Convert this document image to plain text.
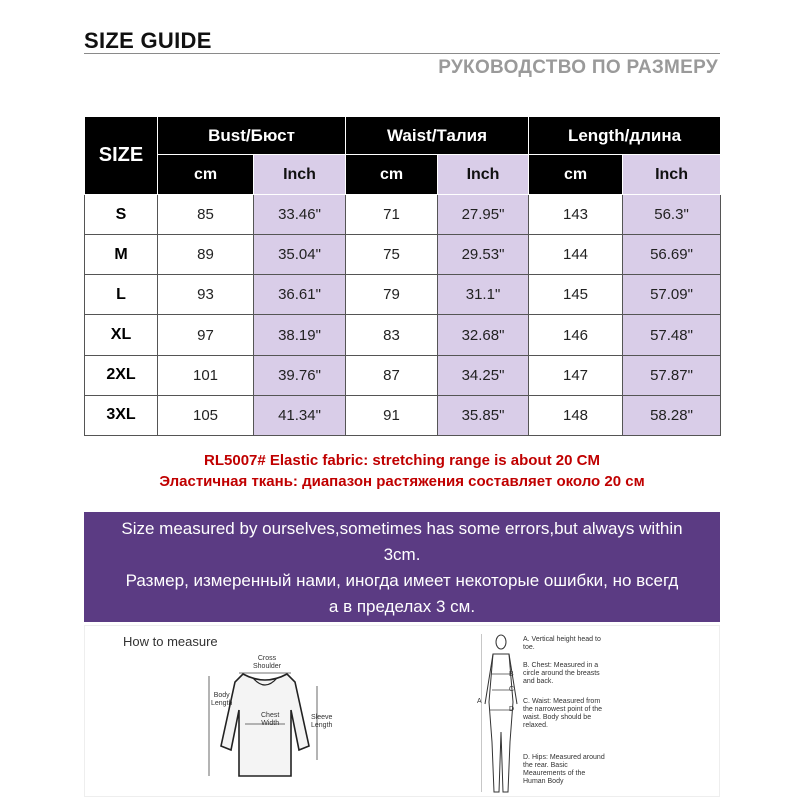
SIZE GUIDE
РУКОВОДСТВО ПО РАЗМЕРУ
SIZE	Bust/Бюст		Waist/Талия		Length/длина	
	cm	Inch	cm	Inch	cm	Inch
S	85	33.46"	71	27.95"	143	56.3"
M	89	35.04"	75	29.53"	144	56.69"
L	93	36.61"	79	31.1"	145	57.09"
XL	97	38.19"	83	32.68"	146	57.48"
2XL	101	39.76"	87	34.25"	147	57.87"
3XL	105	41.34"	91	35.85"	148	58.28"
RL5007# Elastic fabric: stretching range is about 20 CM
Эластичная ткань: диапазон растяжения составляет около 20 см
Size measured by ourselves,sometimes has some errors,but always within
3cm.
Размер, измеренный нами, иногда имеет некоторые ошибки, но всегд
а в пределах 3 см.
How to measure
Cross
Shoulder
Body
Length
Chest
Width
Sleeve
Length
A
B
C
D
A. Vertical height head to toe.
B. Chest: Measured in a circle around the breasts and back.
C. Waist: Measured from the narrowest point of the waist. Body should be relaxed.
D. Hips: Measured around the rear. Basic Meaurements of the Human Body
